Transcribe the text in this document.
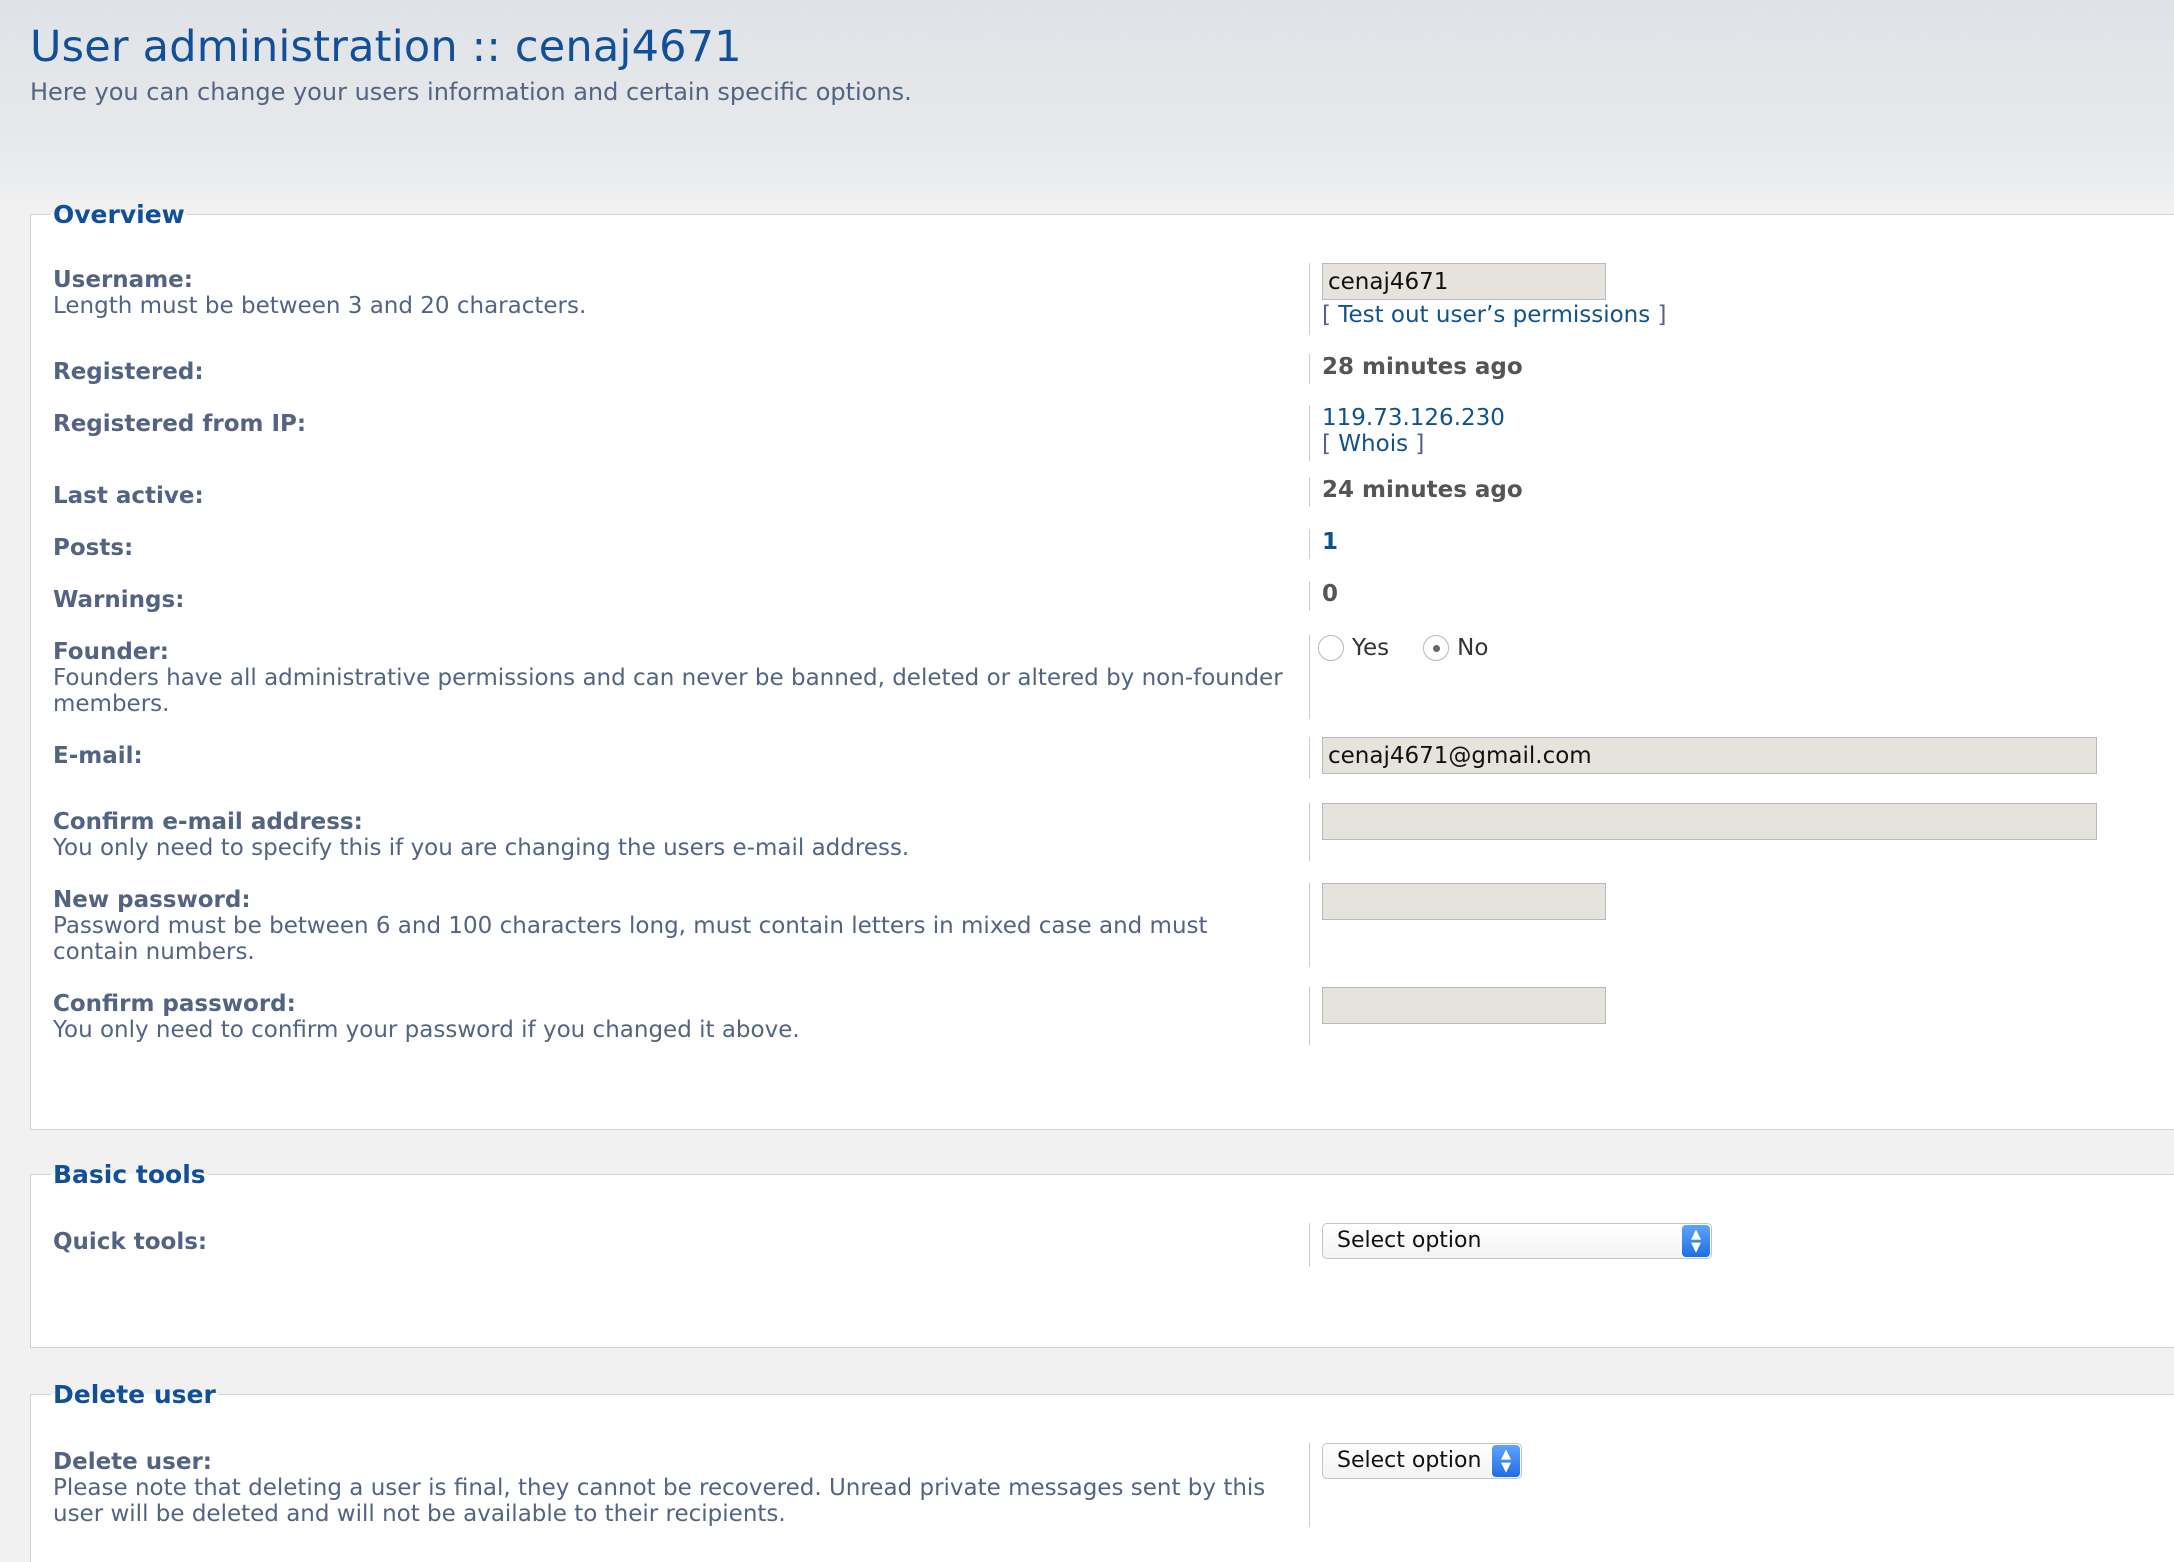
User administration :: cenaj4671
Here you can change your users information and certain specific options.
Overview
Username:
Length must be between 3 and 20 characters.
cenaj4671	[ Test out user’s permissions ]
Registered:	28 minutes ago
Registered from IP:	119.73.126.230
[ Whois ]
Last active:	24 minutes ago
Posts:	1
Warnings:	0
Founder:
Founders have all administrative permissions and can never be banned, deleted or altered by non-founder members.
Yes	No
E-mail:
cenaj4671@gmail.com
Confirm e-mail address:
You only need to specify this if you are changing the users e-mail address.
New password:
Password must be between 6 and 100 characters long, must contain letters in mixed case and must contain numbers.
Confirm password:
You only need to confirm your password if you changed it above.
Basic tools
Quick tools:	Select option	▲
▼
Delete user
Delete user:
Please note that deleting a user is final, they cannot be recovered. Unread private messages sent by this user will be deleted and will not be available to their recipients.
Select option ▲
▼
